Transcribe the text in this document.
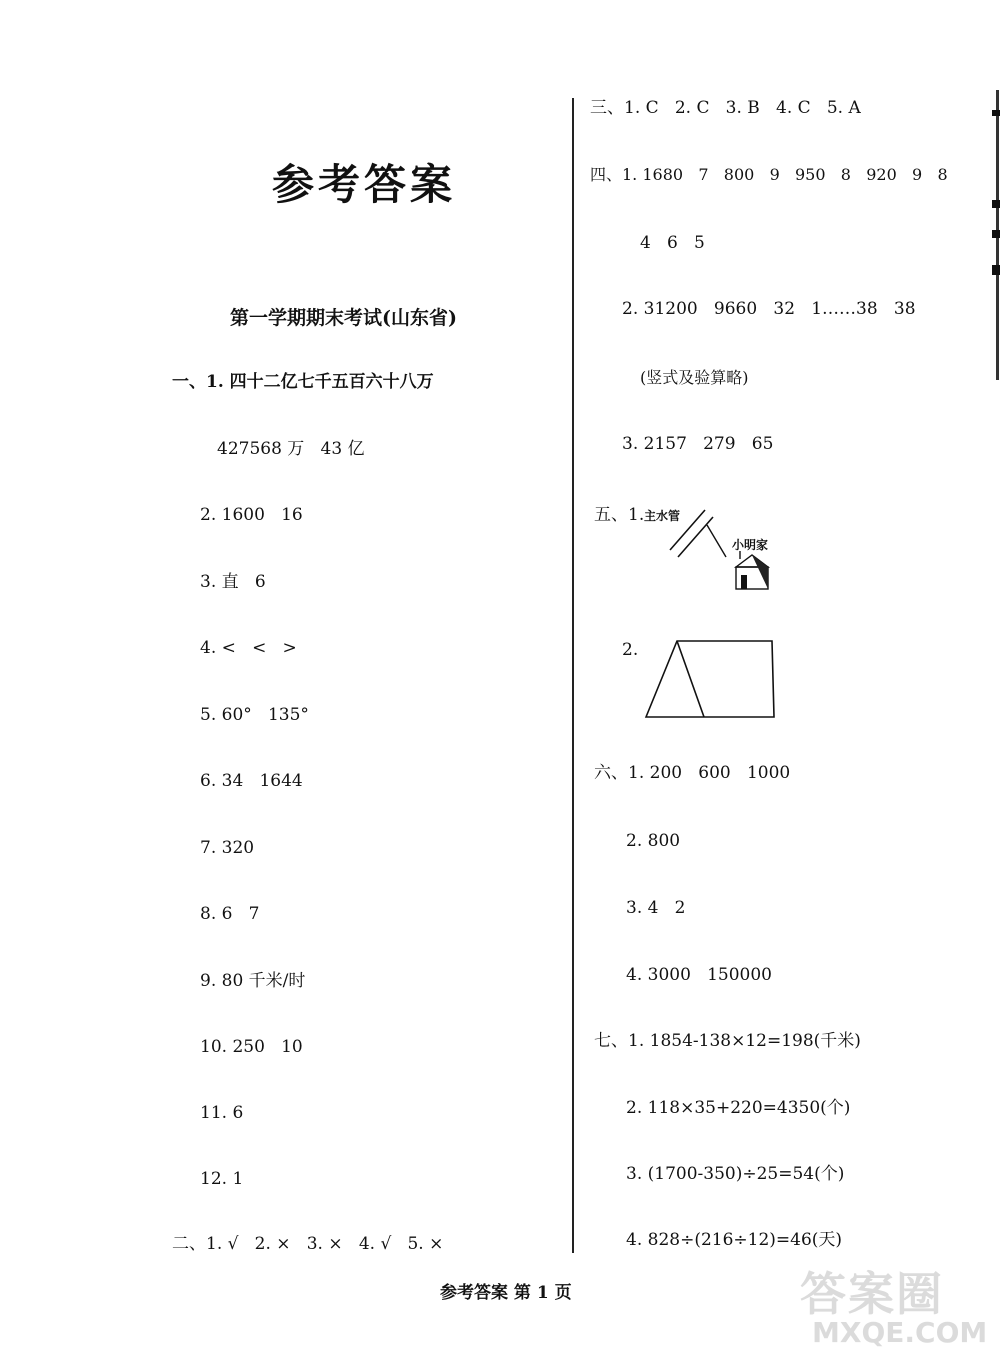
参考答案
第一学期期末考试(山东省)
一、1. 四十二亿七千五百六十八万
427568 万   43 亿
2. 1600   16
3. 直   6
4. <   <   >
5. 60°   135°
6. 34   1644
7. 320
8. 6   7
9. 80 千米/时
10. 250   10
11. 6
12. 1
二、1. √   2. ×   3. ×   4. √   5. ×
三、1. C   2. C   3. B   4. C   5. A
四、1. 1680   7   800   9   950   8   920   9   8
4   6   5
2. 31200   9660   32   1……38   38
(竖式及验算略)
3. 2157   279   65
五、1. 主水管
小明家
2.
六、1. 200   600   1000
2. 800
3. 4   2
4. 3000   150000
七、1. 1854-138×12=198(千米)
2. 118×35+220=4350(个)
3. (1700-350)÷25=54(个)
4. 828÷(216÷12)=46(天)
参考答案 第 1 页	答案圈
MXQE.COM
